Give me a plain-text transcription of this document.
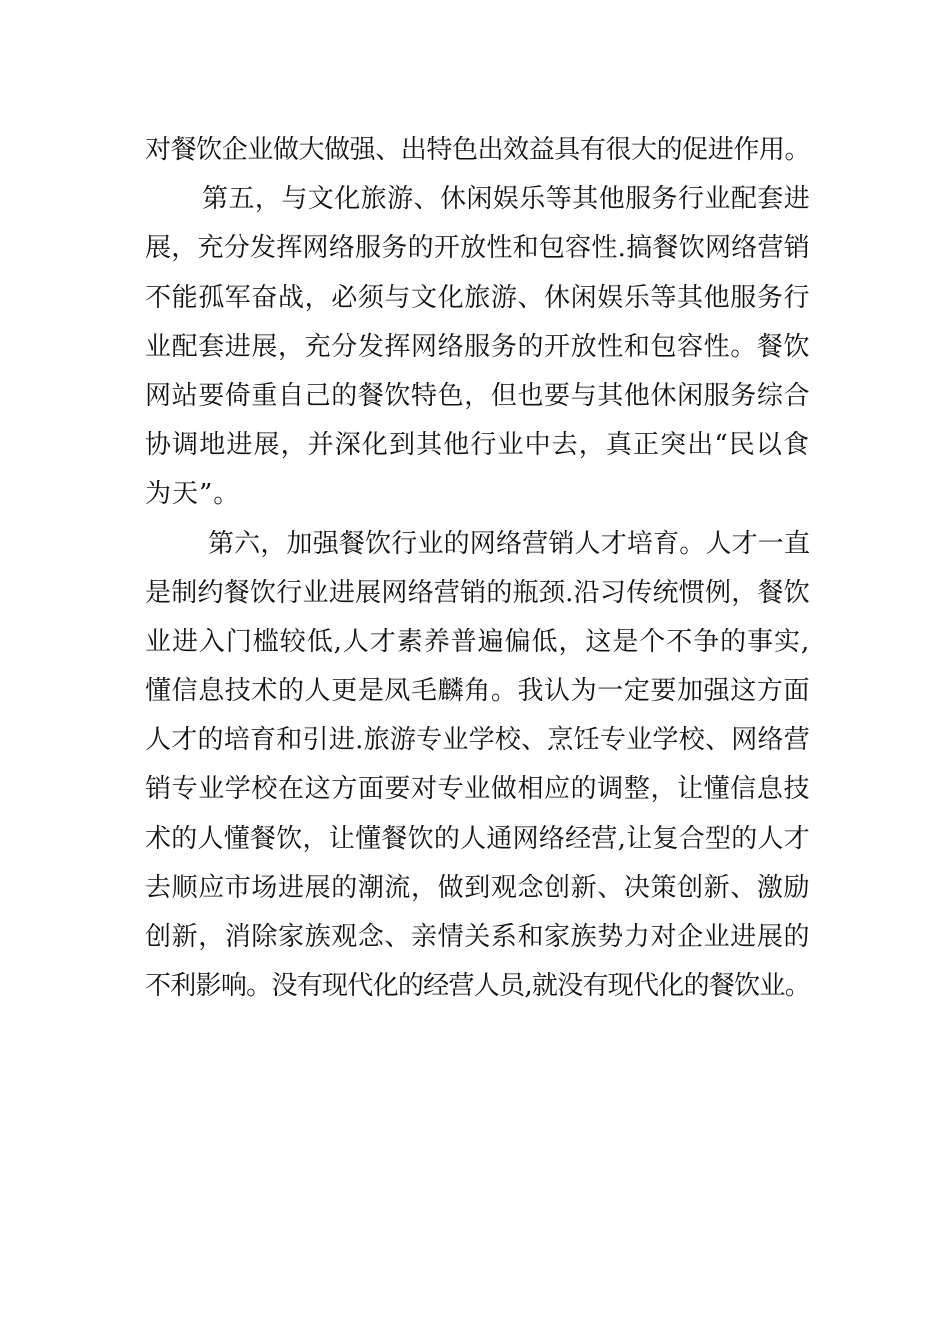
对餐饮企业做大做强、出特色出效益具有很大的促进作用。
第五，与文化旅游、休闲娱乐等其他服务行业配套进
展，充分发挥网络服务的开放性和包容性.搞餐饮网络营销
不能孤军奋战，必须与文化旅游、休闲娱乐等其他服务行
业配套进展，充分发挥网络服务的开放性和包容性。餐饮
网站要倚重自己的餐饮特色，但也要与其他休闲服务综合
协调地进展，并深化到其他行业中去，真正突出“民以食
为天”。
第六，加强餐饮行业的网络营销人才培育。人才一直
是制约餐饮行业进展网络营销的瓶颈.沿习传统惯例，餐饮
业进入门槛较低,人才素养普遍偏低，这是个不争的事实,
懂信息技术的人更是凤毛麟角。我认为一定要加强这方面
人才的培育和引进.旅游专业学校、烹饪专业学校、网络营
销专业学校在这方面要对专业做相应的调整，让懂信息技
术的人懂餐饮，让懂餐饮的人通网络经营,让复合型的人才
去顺应市场进展的潮流，做到观念创新、决策创新、激励
创新，消除家族观念、亲情关系和家族势力对企业进展的
不利影响。没有现代化的经营人员,就没有现代化的餐饮业。
